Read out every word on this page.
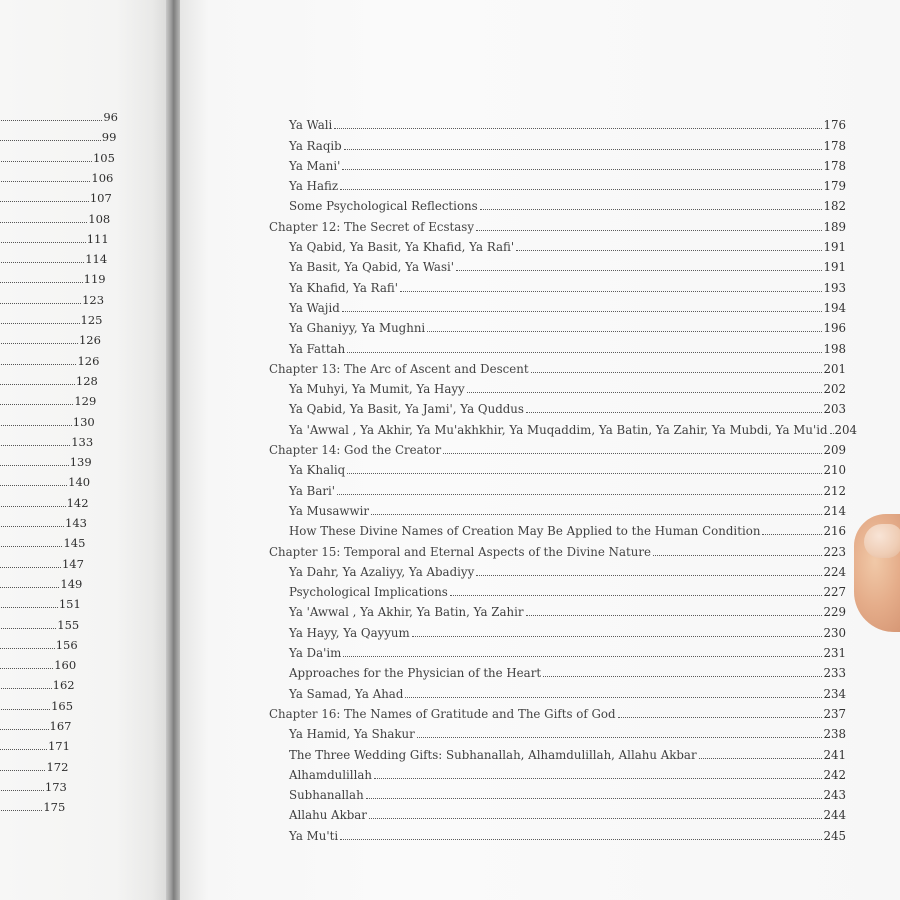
96
99
105
106
107
108
111
114
119
123
125
126
126
128
129
130
133
139
140
142
143
145
147
149
151
155
156
160
162
165
167
171
172
173
175
Ya Wali	176
Ya Raqib	178
Ya Mani'	178
Ya Hafiz	179
Some Psychological Reflections	182
Chapter 12: The Secret of Ecstasy	189
Ya Qabid, Ya Basit, Ya Khafid, Ya Rafi'	191
Ya Basit, Ya Qabid, Ya Wasi'	191
Ya Khafid, Ya Rafi'	193
Ya Wajid	194
Ya Ghaniyy, Ya Mughni	196
Ya Fattah	198
Chapter 13: The Arc of Ascent and Descent	201
Ya Muhyi, Ya Mumit, Ya Hayy	202
Ya Qabid, Ya Basit, Ya Jami', Ya Quddus	203
Ya 'Awwal , Ya Akhir, Ya Mu'akhkhir, Ya Muqaddim, Ya Batin, Ya Zahir, Ya Mubdi, Ya Mu'id 204
Chapter 14: God the Creator	209
Ya Khaliq	210
Ya Bari'	212
Ya Musawwir	214
How These Divine Names of Creation May Be Applied to the Human Condition	216
Chapter 15: Temporal and Eternal Aspects of the Divine Nature	223
Ya Dahr, Ya Azaliyy, Ya Abadiyy	224
Psychological Implications	227
Ya 'Awwal , Ya Akhir, Ya Batin, Ya Zahir	229
Ya Hayy, Ya Qayyum	230
Ya Da'im	231
Approaches for the Physician of the Heart	233
Ya Samad, Ya Ahad	234
Chapter 16: The Names of Gratitude and The Gifts of God	237
Ya Hamid, Ya Shakur	238
The Three Wedding Gifts: Subhanallah, Alhamdulillah, Allahu Akbar	241
Alhamdulillah	242
Subhanallah	243
Allahu Akbar	244
Ya Mu'ti	245
